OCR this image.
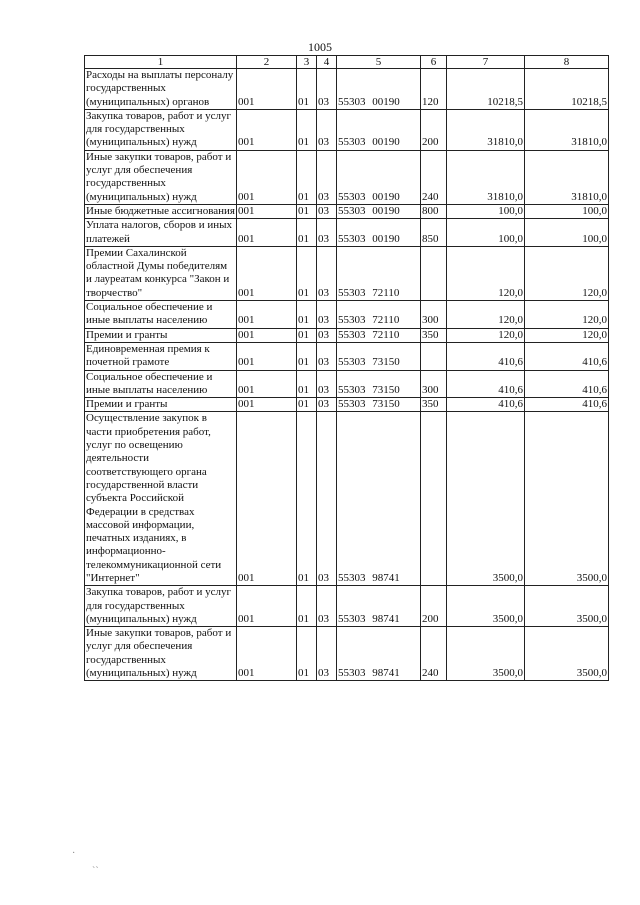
1005
1	2	3	4	5	6	7	8
Расходы на выплаты персоналу государственных (муниципальных) органов	001	01	03	55303 00190	120	10218,5	10218,5
Закупка товаров, работ и услуг для государственных (муниципальных) нужд	001	01	03	55303 00190	200	31810,0	31810,0
Иные закупки товаров, работ и услуг для обеспечения государственных (муниципальных) нужд	001	01	03	55303 00190	240	31810,0	31810,0
Иные бюджетные ассигнования	001	01	03	55303 00190	800	100,0	100,0
Уплата налогов, сборов и иных платежей	001	01	03	55303 00190	850	100,0	100,0
Премии Сахалинской областной Думы победителям и лауреатам конкурса "Закон и творчество"	001	01	03	55303 72110		120,0	120,0
Социальное обеспечение и иные выплаты населению	001	01	03	55303 72110	300	120,0	120,0
Премии и гранты	001	01	03	55303 72110	350	120,0	120,0
Единовременная премия к почетной грамоте	001	01	03	55303 73150		410,6	410,6
Социальное обеспечение и иные выплаты населению	001	01	03	55303 73150	300	410,6	410,6
Премии и гранты	001	01	03	55303 73150	350	410,6	410,6
Осуществление закупок в части приобретения работ, услуг по освещению деятельности соответствующего органа государственной власти субъекта Российской Федерации в средствах массовой информации, печатных изданиях, в информационно-телекоммуникационной сети "Интернет"	001	01	03	55303 98741		3500,0	3500,0
Закупка товаров, работ и услуг для государственных (муниципальных) нужд	001	01	03	55303 98741	200	3500,0	3500,0
Иные закупки товаров, работ и услуг для обеспечения государственных (муниципальных) нужд	001	01	03	55303 98741	240	3500,0	3500,0
·
``
